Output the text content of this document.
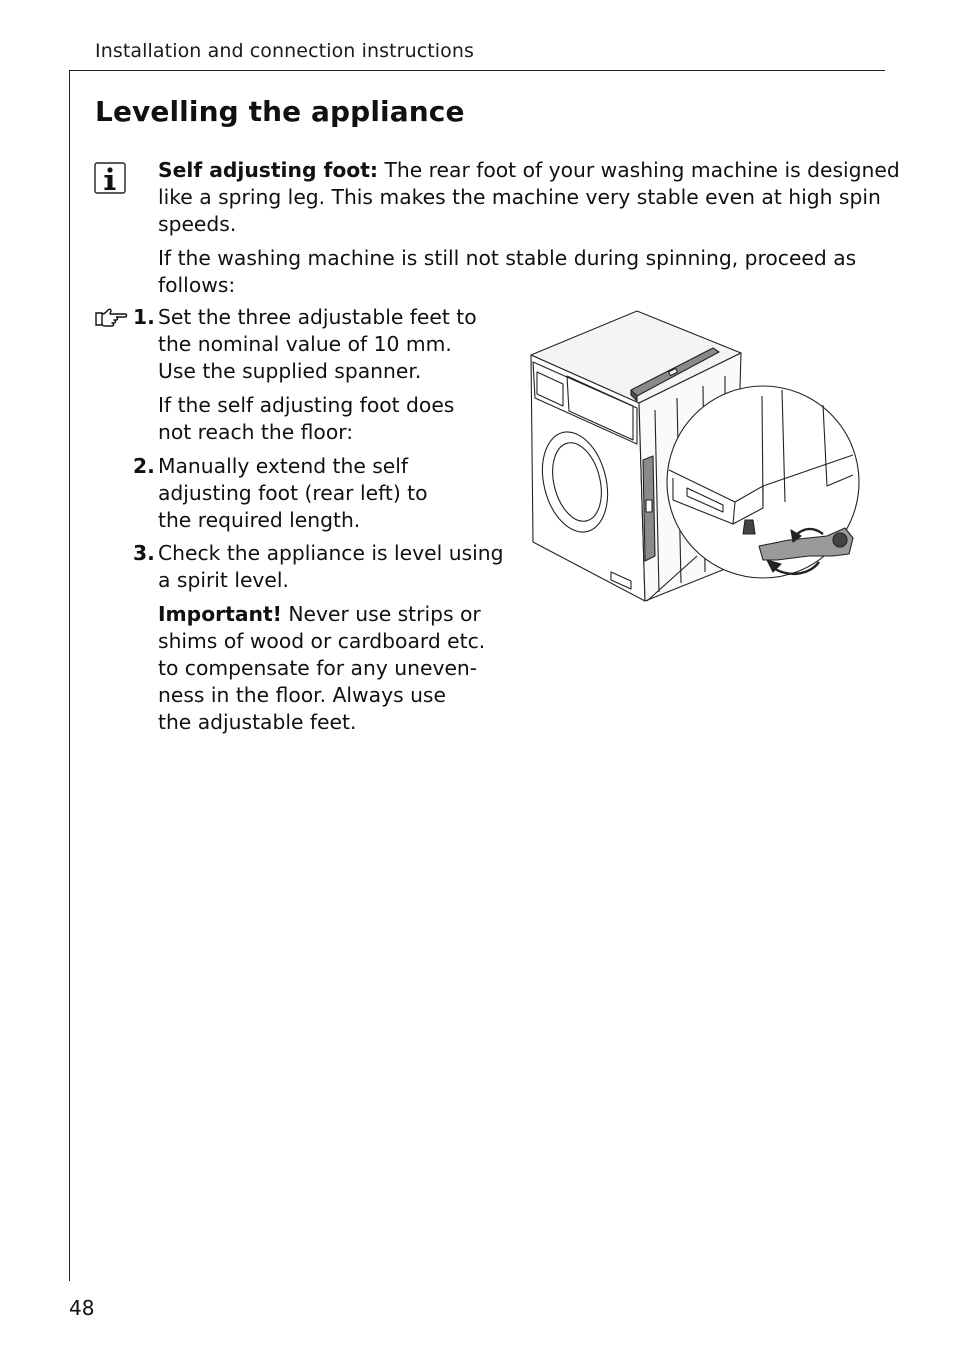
Installation and connection instructions
Levelling the appliance

Self adjusting foot: The rear foot of your washing machine is designed
like a spring leg. This makes the machine very stable even at high spin
speeds.

If the washing machine is still not stable during spinning, proceed as
follows:

1. Set the three adjustable feet to
the nominal value of 10 mm.
Use the supplied spanner.

If the self adjusting foot does
not reach the floor:

2. Manually extend the self
adjusting foot (rear left) to
the required length.

3. Check the appliance is level using
a spirit level.

Important! Never use strips or
shims of wood or cardboard etc.
to compensate for any uneven-
ness in the floor. Always use
the adjustable feet.

48
